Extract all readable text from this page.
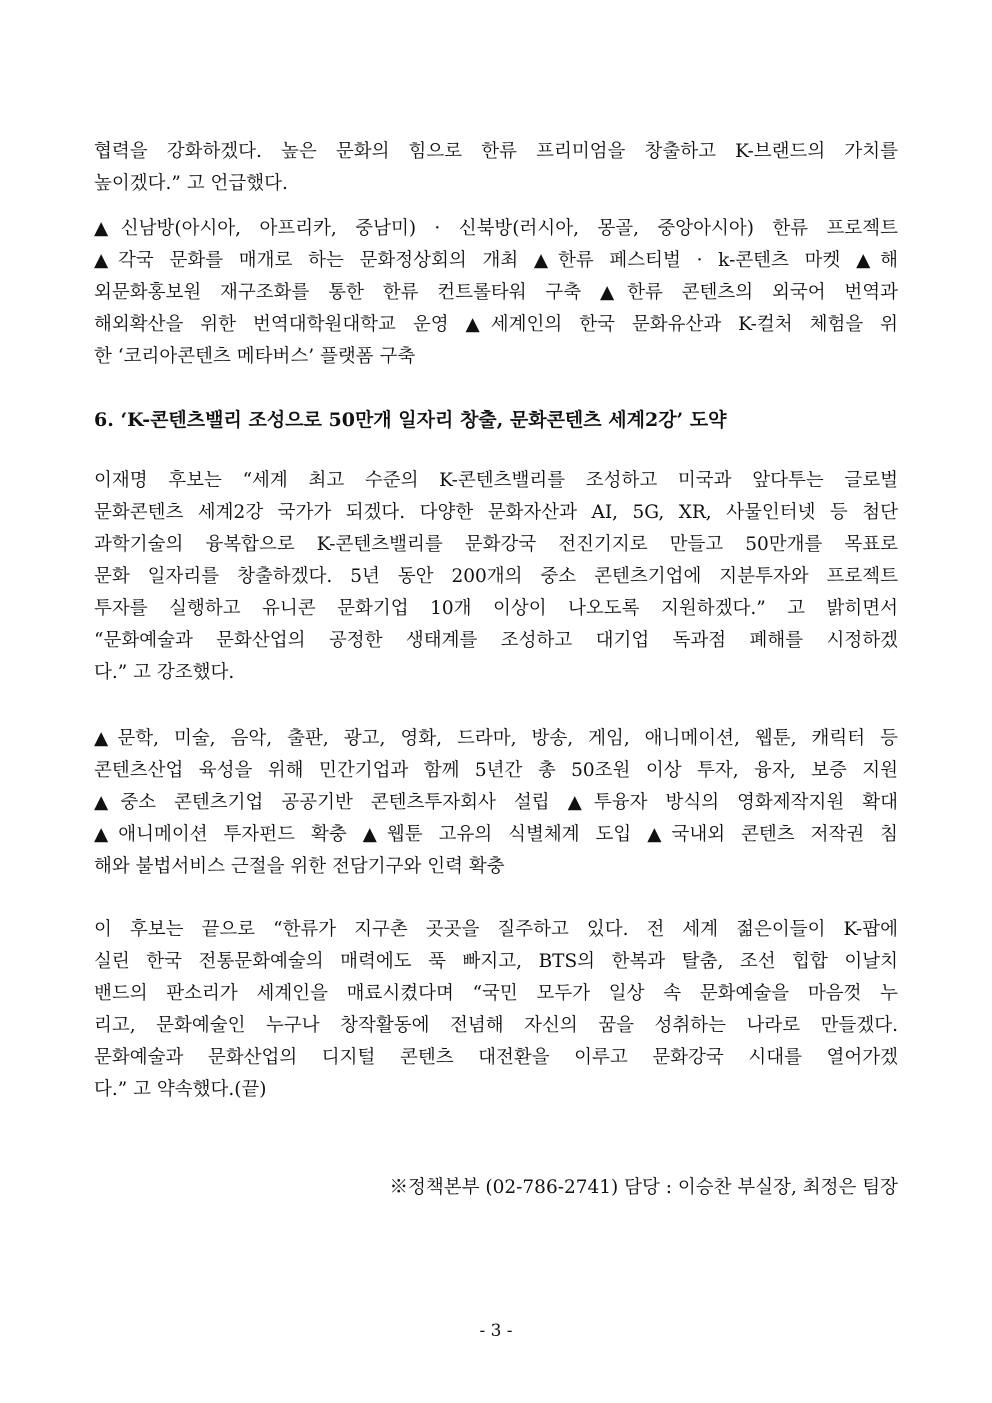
협력을 강화하겠다. 높은 문화의 힘으로 한류 프리미엄을 창출하고 K-브랜드의 가치를
높이겠다.” 고 언급했다.
▲신남방(아시아, 아프리카, 중남미) · 신북방(러시아, 몽골, 중앙아시아) 한류 프로젝트
▲각국 문화를 매개로 하는 문화정상회의 개최 ▲한류 페스티벌 · k-콘텐츠 마켓 ▲해
외문화홍보원 재구조화를 통한 한류 컨트롤타워 구축 ▲한류 콘텐츠의 외국어 번역과
해외확산을 위한 번역대학원대학교 운영 ▲세계인의 한국 문화유산과 K-컬처 체험을 위
한 ‘코리아콘텐츠 메타버스’ 플랫폼 구축
6. ‘K-콘텐츠밸리 조성으로 50만개 일자리 창출, 문화콘텐츠 세계2강’ 도약
이재명 후보는 “세계 최고 수준의 K-콘텐츠밸리를 조성하고 미국과 앞다투는 글로벌
문화콘텐츠 세계2강 국가가 되겠다. 다양한 문화자산과 AI, 5G, XR, 사물인터넷 등 첨단
과학기술의 융복합으로 K-콘텐츠밸리를 문화강국 전진기지로 만들고 50만개를 목표로
문화 일자리를 창출하겠다. 5년 동안 200개의 중소 콘텐츠기업에 지분투자와 프로젝트
투자를 실행하고 유니콘 문화기업 10개 이상이 나오도록 지원하겠다.” 고 밝히면서
“문화예술과 문화산업의 공정한 생태계를 조성하고 대기업 독과점 폐해를 시정하겠
다.” 고 강조했다.
▲문학, 미술, 음악, 출판, 광고, 영화, 드라마, 방송, 게임, 애니메이션, 웹툰, 캐릭터 등
콘텐츠산업 육성을 위해 민간기업과 함께 5년간 총 50조원 이상 투자, 융자, 보증 지원
▲중소 콘텐츠기업 공공기반 콘텐츠투자회사 설립 ▲투융자 방식의 영화제작지원 확대
▲애니메이션 투자펀드 확충 ▲웹툰 고유의 식별체계 도입 ▲국내외 콘텐츠 저작권 침
해와 불법서비스 근절을 위한 전담기구와 인력 확충
이 후보는 끝으로 “한류가 지구촌 곳곳을 질주하고 있다. 전 세계 젊은이들이 K-팝에
실린 한국 전통문화예술의 매력에도 푹 빠지고, BTS의 한복과 탈춤, 조선 힙합 이날치
밴드의 판소리가 세계인을 매료시켰다며 “국민 모두가 일상 속 문화예술을 마음껏 누
리고, 문화예술인 누구나 창작활동에 전념해 자신의 꿈을 성취하는 나라로 만들겠다.
문화예술과 문화산업의 디지털 콘텐츠 대전환을 이루고 문화강국 시대를 열어가겠
다.” 고 약속했다.(끝)
※정책본부 (02-786-2741) 담당 : 이승찬 부실장, 최정은 팀장
- 3 -
